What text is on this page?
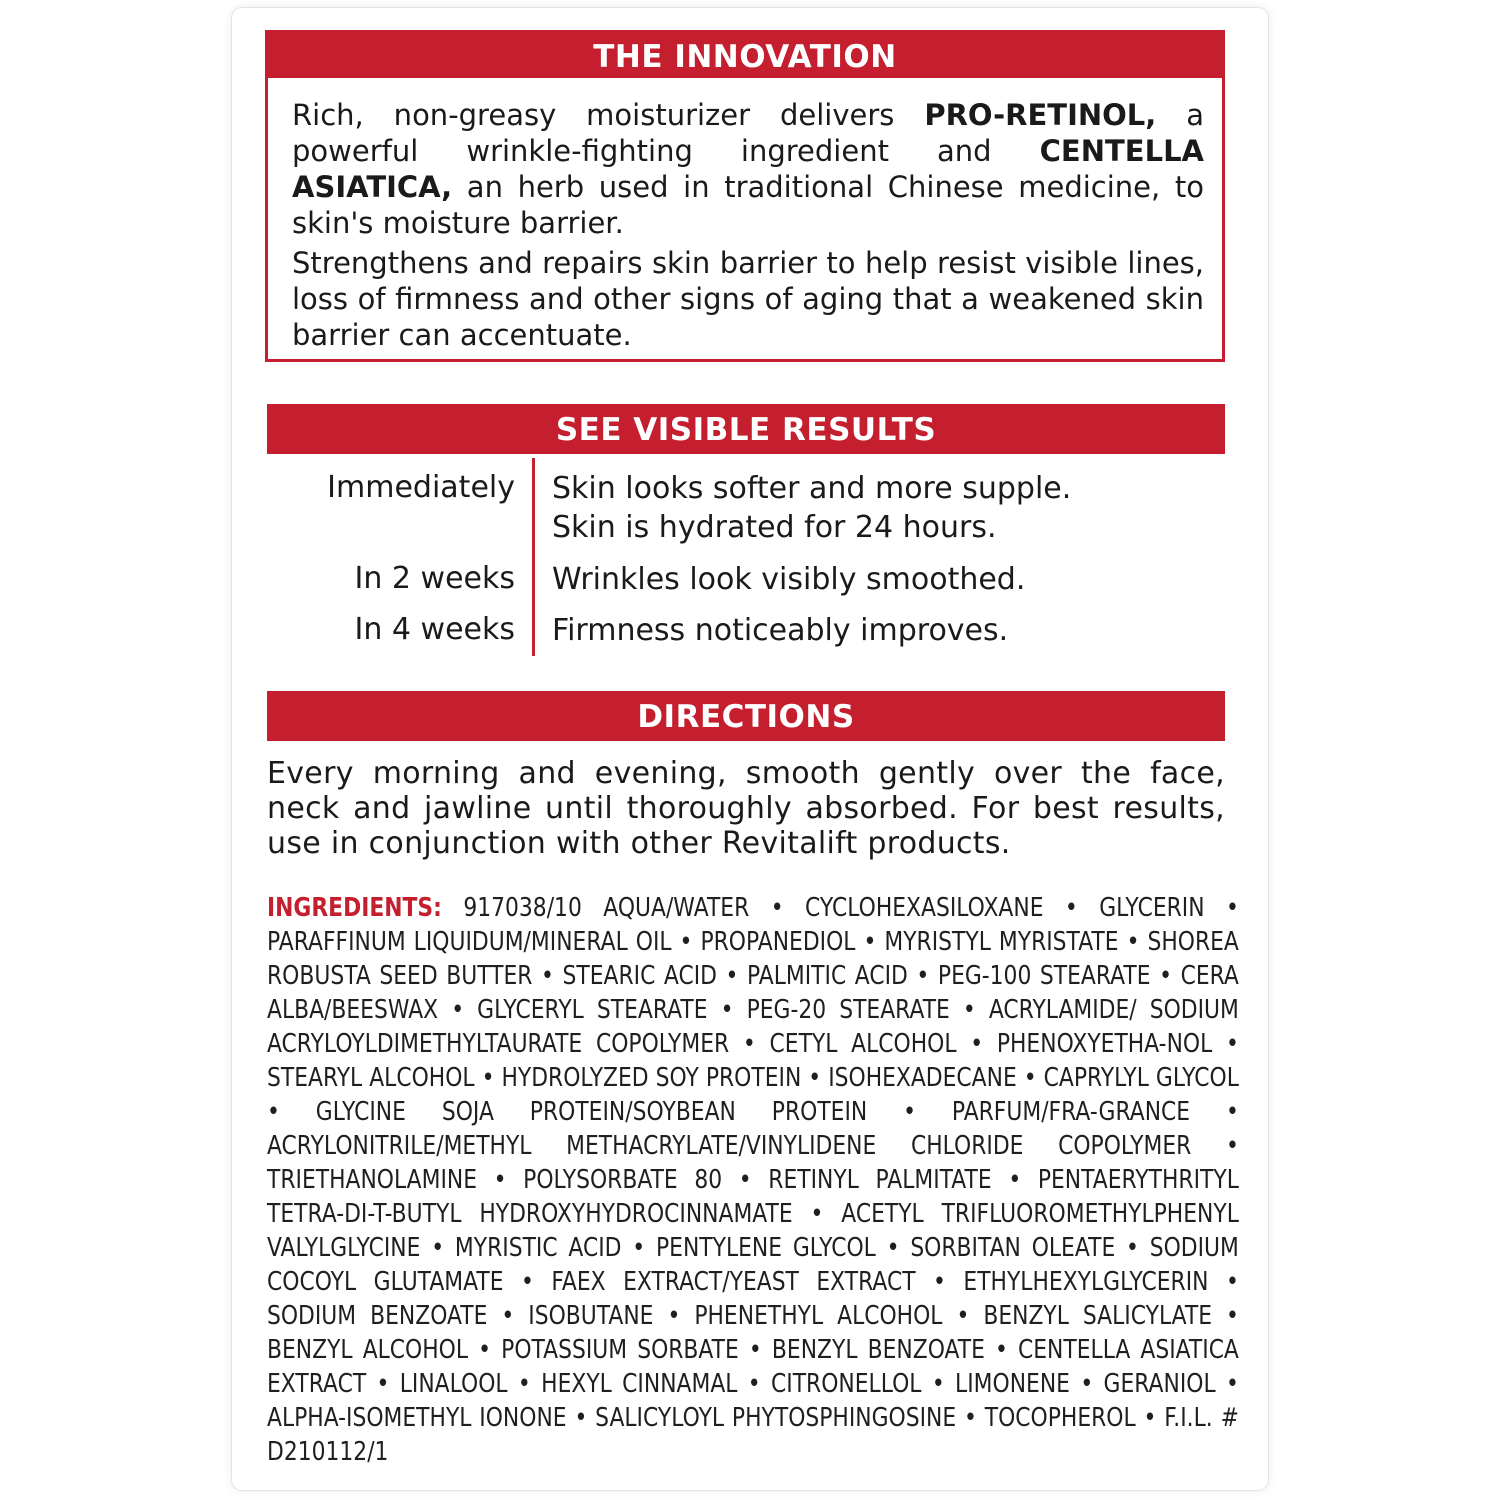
THE INNOVATION

Rich, non-greasy moisturizer delivers PRO-RETINOL, a powerful wrinkle-fighting ingredient and CENTELLA ASIATICA, an herb used in traditional Chinese medicine, to skin's moisture barrier.

Strengthens and repairs skin barrier to help resist visible lines, loss of firmness and other signs of aging that a weakened skin barrier can accentuate.

SEE VISIBLE RESULTS
Immediately Skin looks softer and more supple.
Skin is hydrated for 24 hours.
In 2 weeks Wrinkles look visibly smoothed.
In 4 weeks Firmness noticeably improves.
DIRECTIONS
Every morning and evening, smooth gently over the face, neck and jawline until thoroughly absorbed. For best results, use in conjunction with other Revitalift products.
INGREDIENTS: 917038/10 AQUA/WATER • CYCLOHEXASILOXANE • GLYCERIN • PARAFFINUM LIQUIDUM/MINERAL OIL • PROPANEDIOL • MYRISTYL MYRISTATE • SHOREA ROBUSTA SEED BUTTER • STEARIC ACID • PALMITIC ACID • PEG-100 STEARATE • CERA ALBA/BEESWAX • GLYCERYL STEARATE • PEG-20 STEARATE • ACRYLAMIDE/ SODIUM ACRYLOYLDIMETHYLTAURATE COPOLYMER • CETYL ALCOHOL • PHENOXYETHA-NOL • STEARYL ALCOHOL • HYDROLYZED SOY PROTEIN • ISOHEXADECANE • CAPRYLYL GLYCOL • GLYCINE SOJA PROTEIN/SOYBEAN PROTEIN • PARFUM/FRA-GRANCE • ACRYLONITRILE/METHYL METHACRYLATE/VINYLIDENE CHLORIDE COPOLYMER • TRIETHANOLAMINE • POLYSORBATE 80 • RETINYL PALMITATE • PENTAERYTHRITYL TETRA-DI-T-BUTYL HYDROXYHYDROCINNAMATE • ACETYL TRIFLUOROMETHYLPHENYL VALYLGLYCINE • MYRISTIC ACID • PENTYLENE GLYCOL • SORBITAN OLEATE • SODIUM COCOYL GLUTAMATE • FAEX EXTRACT/YEAST EXTRACT • ETHYLHEXYLGLYCERIN • SODIUM BENZOATE • ISOBUTANE • PHENETHYL ALCOHOL • BENZYL SALICYLATE • BENZYL ALCOHOL • POTASSIUM SORBATE • BENZYL BENZOATE • CENTELLA ASIATICA EXTRACT • LINALOOL • HEXYL CINNAMAL • CITRONELLOL • LIMONENE • GERANIOL • ALPHA-ISOMETHYL IONONE • SALICYLOYL PHYTOSPHINGOSINE • TOCOPHEROL • F.I.L. # D210112/1
